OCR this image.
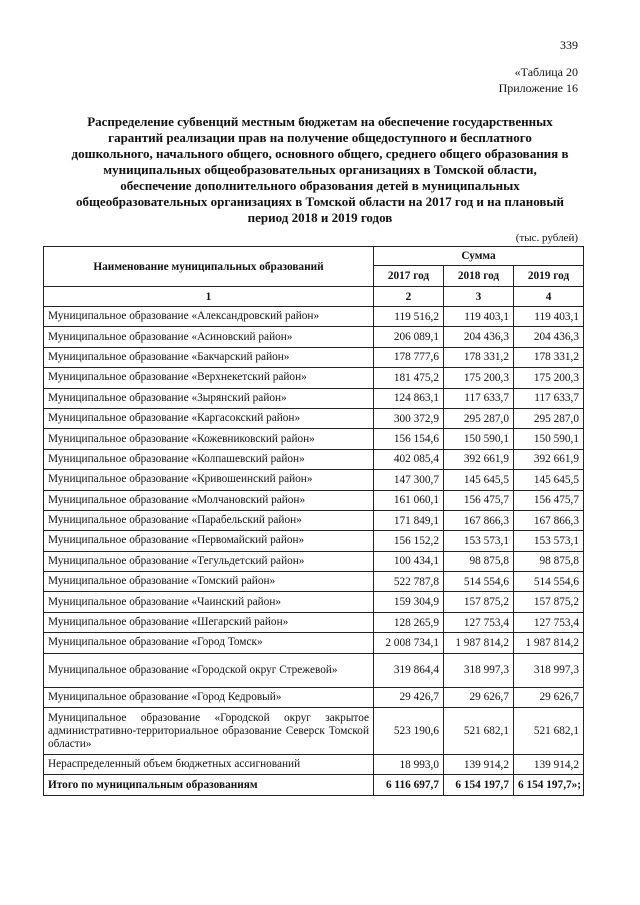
339
«Таблица 20
Приложение 16
Распределение субвенций местным бюджетам на обеспечение государственных гарантий реализации прав на получение общедоступного и бесплатного дошкольного, начального общего, основного общего, среднего общего образования в муниципальных общеобразовательных организациях в Томской области, обеспечение дополнительного образования детей в муниципальных общеобразовательных организациях в Томской области на 2017 год и на плановый период 2018 и 2019 годов
(тыс. рублей)
Наименование муниципальных образований	Сумма		
	2017 год	2018 год	2019 год
1	2	3	4
Муниципальное образование «Александровский район»	119 516,2	119 403,1	119 403,1
Муниципальное образование «Асиновский район»	206 089,1	204 436,3	204 436,3
Муниципальное образование «Бакчарский район»	178 777,6	178 331,2	178 331,2
Муниципальное образование «Верхнекетский район»	181 475,2	175 200,3	175 200,3
Муниципальное образование «Зырянский район»	124 863,1	117 633,7	117 633,7
Муниципальное образование «Каргасокский район»	300 372,9	295 287,0	295 287,0
Муниципальное образование «Кожевниковский район»	156 154,6	150 590,1	150 590,1
Муниципальное образование «Колпашевский район»	402 085,4	392 661,9	392 661,9
Муниципальное образование «Кривошеинский район»	147 300,7	145 645,5	145 645,5
Муниципальное образование «Молчановский район»	161 060,1	156 475,7	156 475,7
Муниципальное образование «Парабельский район»	171 849,1	167 866,3	167 866,3
Муниципальное образование «Первомайский район»	156 152,2	153 573,1	153 573,1
Муниципальное образование «Тегульдетский район»	100 434,1	98 875,8	98 875,8
Муниципальное образование «Томский район»	522 787,8	514 554,6	514 554,6
Муниципальное образование «Чаинский район»	159 304,9	157 875,2	157 875,2
Муниципальное образование «Шегарский район»	128 265,9	127 753,4	127 753,4
Муниципальное образование «Город Томск»	2 008 734,1	1 987 814,2	1 987 814,2
Муниципальное образование «Городской округ Стрежевой»	319 864,4	318 997,3	318 997,3
Муниципальное образование «Город Кедровый»	29 426,7	29 626,7	29 626,7
Муниципальное образование «Городской округ закрытое административно-территориальное образование Северск Томской области»	523 190,6	521 682,1	521 682,1
Нераспределенный объем бюджетных ассигнований	18 993,0	139 914,2	139 914,2
Итого по муниципальным образованиям	6 116 697,7	6 154 197,7	6 154 197,7»;
